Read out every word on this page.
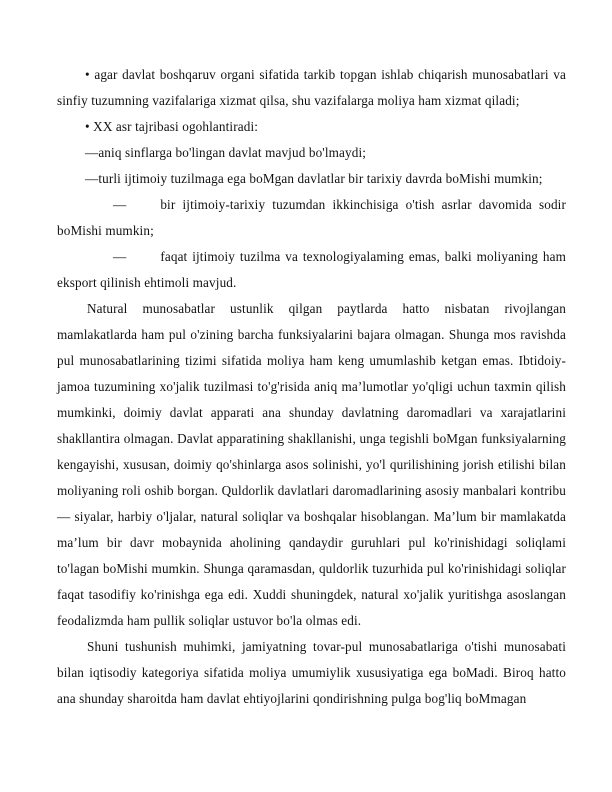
• agar davlat boshqaruv organi sifatida tarkib topgan ishlab chiqarish munosabatlari va sinfiy tuzumning vazifalariga xizmat qilsa, shu vazifalarga moliya ham xizmat qiladi;

• XX asr tajribasi ogohlantiradi:

—aniq sinflarga bo'lingan davlat mavjud bo'lmaydi;

—turli ijtimoiy tuzilmaga ega boMgan davlatlar bir tarixiy davrda boMishi mumkin;

—	bir ijtimoiy-tarixiy tuzumdan ikkinchisiga o'tish asrlar davomida sodir boMishi mumkin;

—	faqat ijtimoiy tuzilma va texnologiyalaming emas, balki moliyaning ham eksport qilinish ehtimoli mavjud.

Natural munosabatlar ustunlik qilgan paytlarda hatto nisbatan rivojlangan mamlakatlarda ham pul o'zining barcha funksiyalarini bajara olmagan. Shunga mos ravishda pul munosabatlarining tizimi sifatida moliya ham keng umumlashib ketgan emas. Ibtidoiy-jamoa tuzumining xo'jalik tuzilmasi to'g'risida aniq ma’lumotlar yo'qligi uchun taxmin qilish mumkinki, doimiy davlat apparati ana shunday davlatning daromadlari va xarajatlarini shakllantira olmagan. Davlat apparatining shakllanishi, unga tegishli boMgan funksiyalarning kengayishi, xususan, doimiy qo'shinlarga asos solinishi, yo'l qurilishining jorish etilishi bilan moliyaning roli oshib borgan. Quldorlik davlatlari daromadlarining asosiy manbalari kontribu— siyalar, harbiy o'ljalar, natural soliqlar va boshqalar hisoblangan. Ma’lum bir mamlakatda ma’lum bir davr mobaynida aholining qandaydir guruhlari pul ko'rinishidagi soliqlami to'lagan boMishi mumkin. Shunga qaramasdan, quldorlik tuzurhida pul ko'rinishidagi soliqlar faqat tasodifiy ko'rinishga ega edi. Xuddi shuningdek, natural xo'jalik yuritishga asoslangan feodalizmda ham pullik soliqlar ustuvor bo'la olmas edi.

Shuni tushunish muhimki, jamiyatning tovar-pul munosabatlariga o'tishi munosabati bilan iqtisodiy kategoriya sifatida moliya umumiylik xususiyatiga ega boMadi. Biroq hatto ana shunday sharoitda ham davlat ehtiyojlarini qondirishning pulga bog'liq boMmagan
